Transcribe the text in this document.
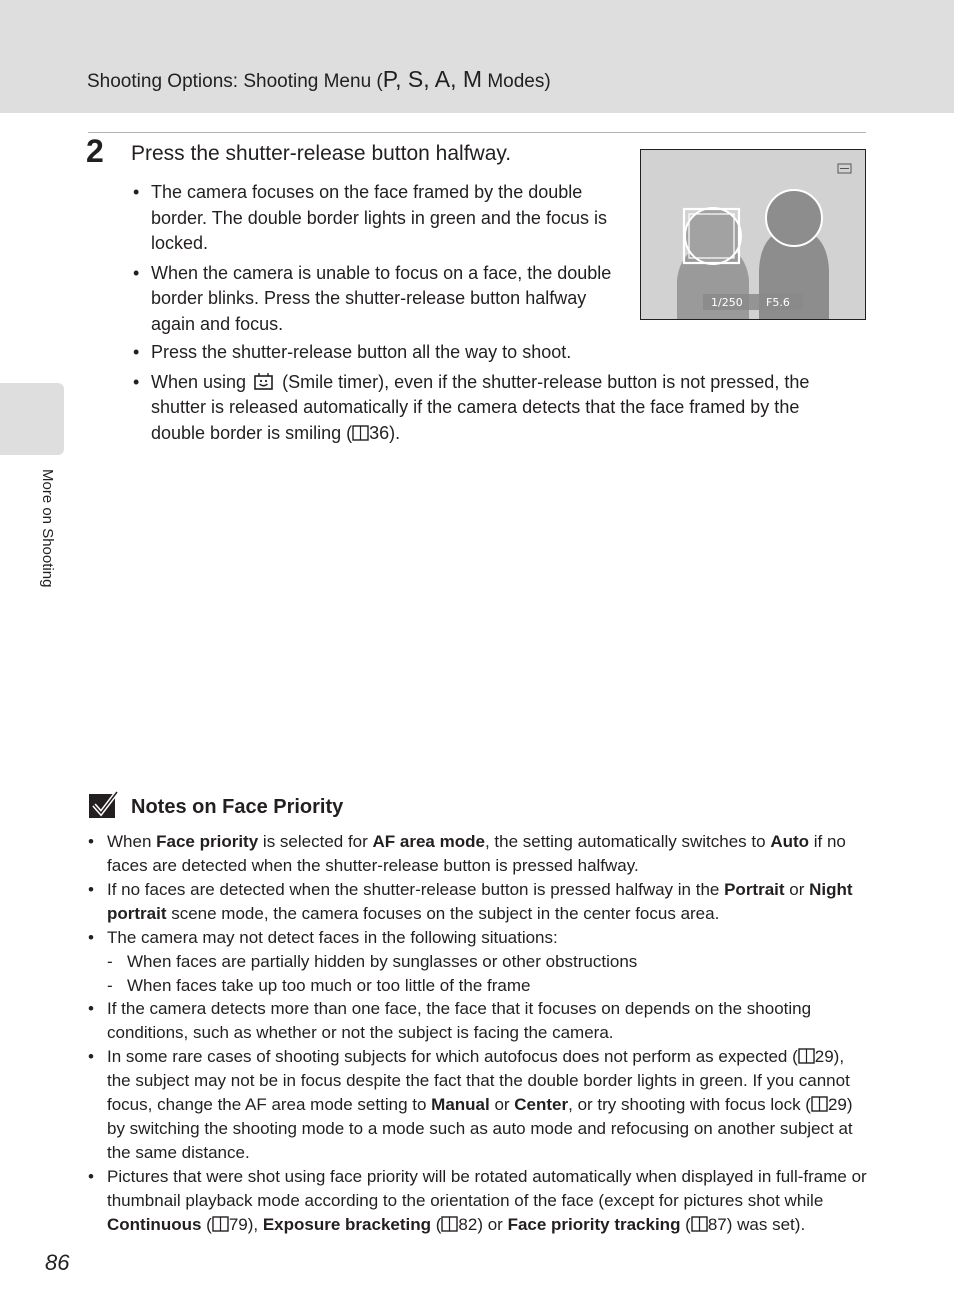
Shooting Options: Shooting Menu (P, S, A, M Modes)
More on Shooting
2 Press the shutter-release button halfway.
• The camera focuses on the face framed by the double border. The double border lights in green and the focus is locked.
• When the camera is unable to focus on a face, the double border blinks. Press the shutter-release button halfway again and focus.
• Press the shutter-release button all the way to shoot.
• When using (Smile timer), even if the shutter-release button is not pressed, the shutter is released automatically if the camera detects that the face framed by the double border is smiling ( 36).
1/250 F5.6
Notes on Face Priority
• When Face priority is selected for AF area mode, the setting automatically switches to Auto if no faces are detected when the shutter-release button is pressed halfway.
• If no faces are detected when the shutter-release button is pressed halfway in the Portrait or Night portrait scene mode, the camera focuses on the subject in the center focus area.
• The camera may not detect faces in the following situations:
- When faces are partially hidden by sunglasses or other obstructions
- When faces take up too much or too little of the frame
• If the camera detects more than one face, the face that it focuses on depends on the shooting conditions, such as whether or not the subject is facing the camera.
• In some rare cases of shooting subjects for which autofocus does not perform as expected ( 29), the subject may not be in focus despite the fact that the double border lights in green. If you cannot focus, change the AF area mode setting to Manual or Center, or try shooting with focus lock ( 29) by switching the shooting mode to a mode such as auto mode and refocusing on another subject at the same distance.
• Pictures that were shot using face priority will be rotated automatically when displayed in full-frame or thumbnail playback mode according to the orientation of the face (except for pictures shot while Continuous ( 79), Exposure bracketing ( 82) or Face priority tracking ( 87) was set).
86
